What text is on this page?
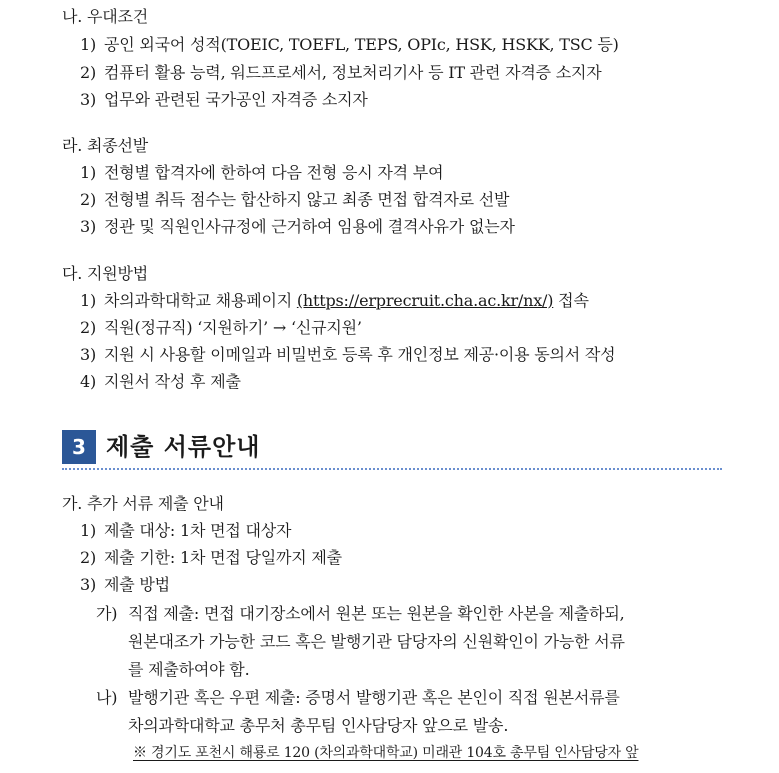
나. 우대조건
1) 공인 외국어 성적(TOEIC, TOEFL, TEPS, OPIc, HSK, HSKK, TSC 등)
2) 컴퓨터 활용 능력, 워드프로세서, 정보처리기사 등 IT 관련 자격증 소지자
3) 업무와 관련된 국가공인 자격증 소지자
라. 최종선발
1) 전형별 합격자에 한하여 다음 전형 응시 자격 부여
2) 전형별 취득 점수는 합산하지 않고 최종 면접 합격자로 선발
3) 정관 및 직원인사규정에 근거하여 임용에 결격사유가 없는자
다. 지원방법
1) 차의과학대학교 채용페이지 (https://erprecruit.cha.ac.kr/nx/) 접속
2) 직원(정규직) ‘지원하기’ → ‘신규지원’
3) 지원 시 사용할 이메일과 비밀번호 등록 후 개인정보 제공·이용 동의서 작성
4) 지원서 작성 후 제출
3 제출 서류안내
가. 추가 서류 제출 안내
1) 제출 대상: 1차 면접 대상자
2) 제출 기한: 1차 면접 당일까지 제출
3) 제출 방법
가) 직접 제출: 면접 대기장소에서 원본 또는 원본을 확인한 사본을 제출하되,
원본대조가 가능한 코드 혹은 발행기관 담당자의 신원확인이 가능한 서류
를 제출하여야 함.
나) 발행기관 혹은 우편 제출: 증명서 발행기관 혹은 본인이 직접 원본서류를
차의과학대학교 총무처 총무팀 인사담당자 앞으로 발송.
※ 경기도 포천시 해룡로 120 (차의과학대학교) 미래관 104호 총무팀 인사담당자 앞
